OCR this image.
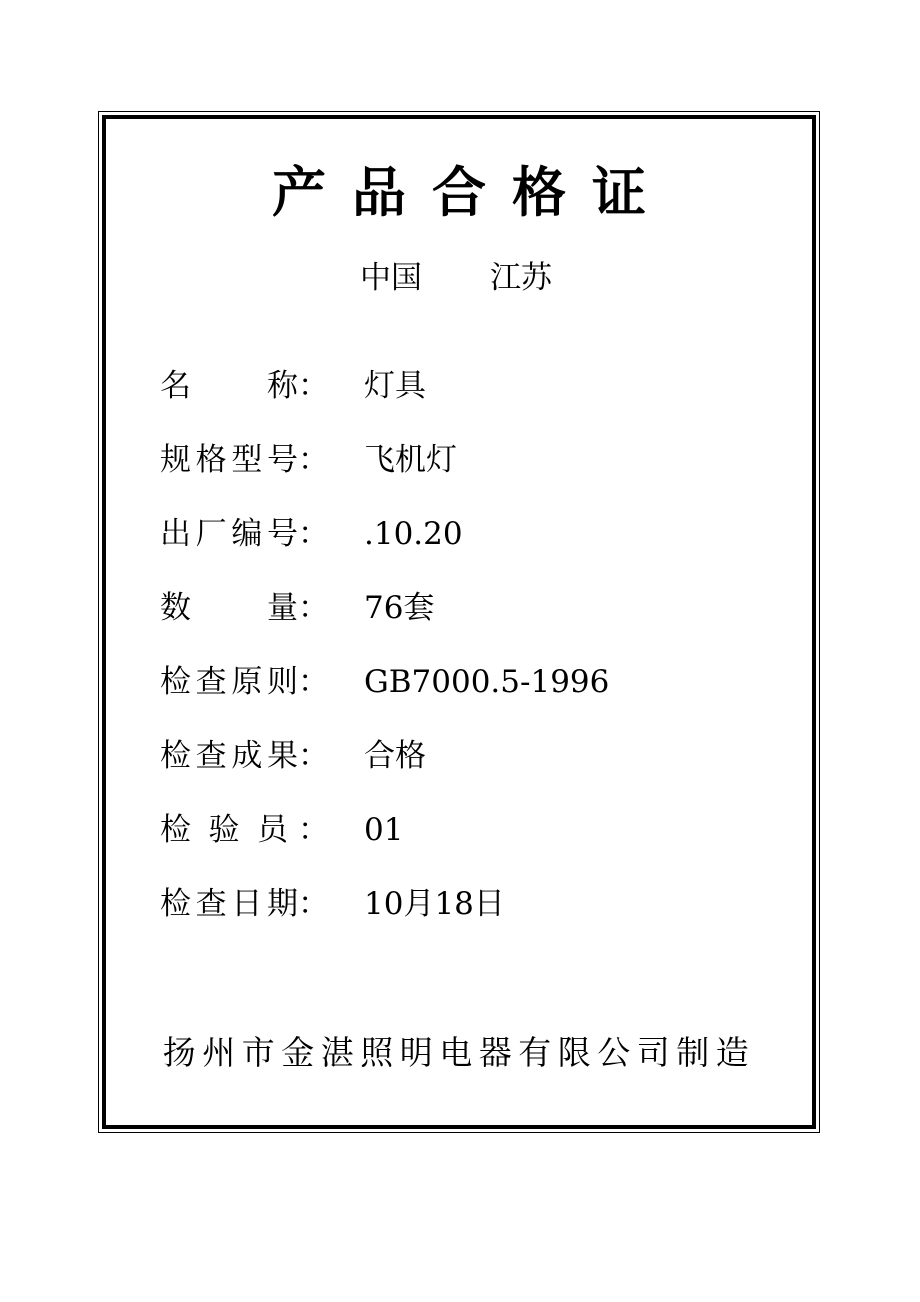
产品合格证
中国 江苏
名 称 ： 灯具
规 格 型 号 ： 飞机灯
出 厂 编 号 ： .10.20
数 量 ： 76套
检 查 原 则 ： GB7000.5-1996
检 查 成 果 ： 合格
检 验 员 ： 01
检 查 日 期 ： 10月18日
扬州市金湛照明电器有限公司制造
